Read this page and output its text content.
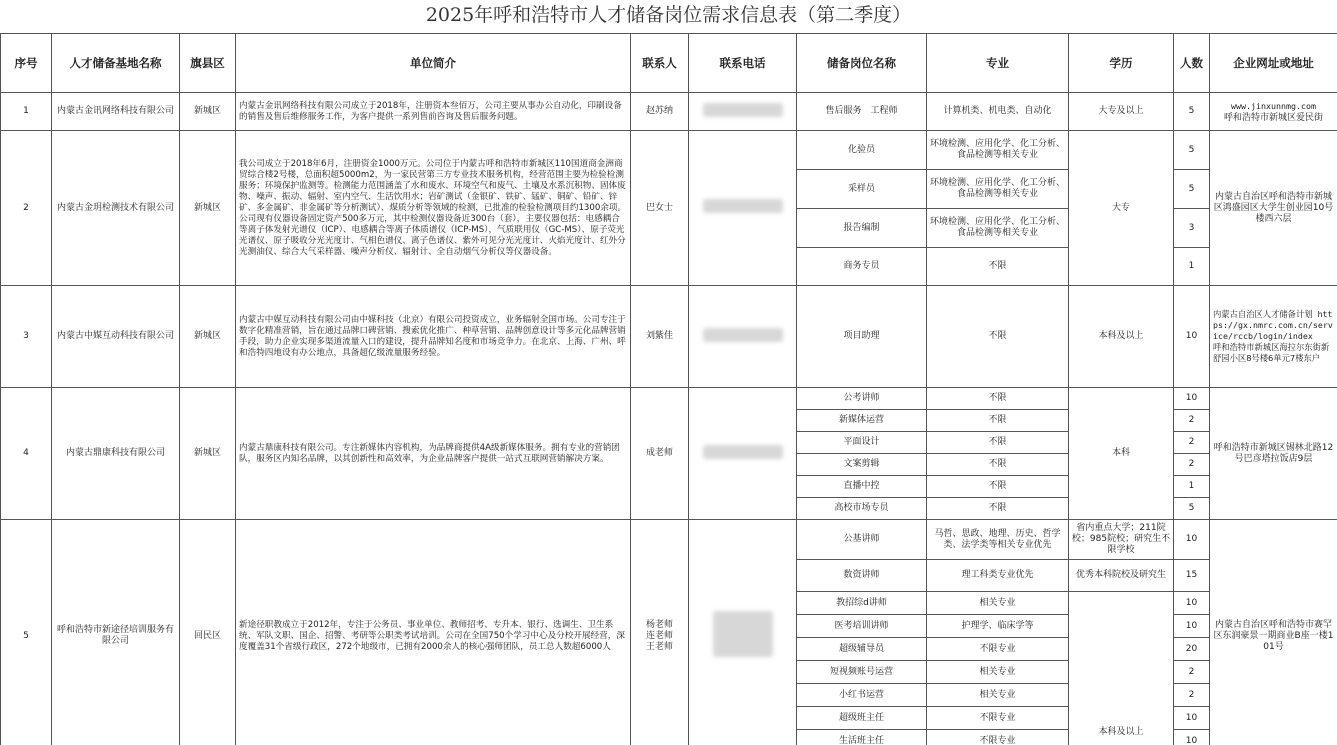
2025年呼和浩特市人才储备岗位需求信息表（第二季度）
序号	人才储备基地名称	旗县区	单位简介	联系人	联系电话	储备岗位名称	专业	学历	人数	企业网址或地址
1	内蒙古金讯网络科技有限公司	新城区	内蒙古金讯网络科技有限公司成立于2018年，注册资本叁佰万，公司主要从事办公自动化，印刷设备的销售及售后维修服务工作，为客户提供一系列售前咨询及售后服务问题。	赵苏纳		售后服务　工程师	计算机类、机电类、自动化	大专及以上	5	www.jinxunnmg.com
呼和浩特市新城区爱民街

2	内蒙古金玥检测技术有限公司	新城区	我公司成立于2018年6月，注册资金1000万元。公司位于内蒙古呼和浩特市新城区110国道商金洲商贸综合楼2号楼，总面积超5000m2，为一家民营第三方专业技术服务机构，经营范围主要为检验检测服务；环境保护监测等。检测能力范围涵盖了水和废水、环境空气和废气、土壤及水系沉积物、固体废物、噪声、振动、辐射、室内空气、生活饮用水；岩矿测试（金银矿、铁矿、锰矿、铜矿、铅矿、锌矿、多金属矿、非金属矿等分析测试）、煤质分析等领域的检测，已批准的检验检测项目约1300余项。公司现有仪器设备固定资产500多万元，其中检测仪器设备近300台（套），主要仪器包括：电感耦合等离子体发射光谱仪（ICP）、电感耦合等离子体质谱仪（ICP-MS），气质联用仪（GC-MS）、原子荧光光谱仪、原子吸收分光光度计、气相色谱仪、离子色谱仪、紫外可见分光光度计、火焰光度计、红外分光测油仪、综合大气采样器、噪声分析仪、辐射计、全自动烟气分析仪等仪器设备。	巴女士		化验员	环境检测、应用化学、化工分析、食品检测等相关专业	大专	5	内蒙古自治区呼和浩特市新城区鸿盛园区大学生创业园10号楼西六层
						采样员	环境检测、应用化学、化工分析、食品检测等相关专业		5	
						报告编制	环境检测、应用化学、化工分析、食品检测等相关专业		3	
						商务专员	不限		1	
3	内蒙古中媒互动科技有限公司	新城区	内蒙古中媒互动科技有限公司由中媒科技（北京）有限公司投资成立，业务辐射全国市场。公司专注于数字化精准营销，旨在通过品牌口碑营销、搜索优化推广、种草营销、品牌创意设计等多元化品牌营销手段，助力企业实现多渠道流量入口的建设，提升品牌知名度和市场竞争力。在北京、上海、广州、呼和浩特四地设有办公地点，具备超亿级流量服务经验。	刘紫佳		项目助理	不限	本科及以上	10	内蒙古自治区人才储备计划 https://gx.nmrc.com.cn/service/rccb/login/index
呼和浩特市新城区海拉尔东街新舒园小区8号楼6单元7楼东户

4	内蒙古鼎康科技有限公司	新城区	内蒙古鼎康科技有限公司。专注新媒体内容机构，为品牌商提供4A级新媒体服务。拥有专业的营销团队，服务区内知名品牌，以其创新性和高效率，为企业品牌客户提供一站式互联网营销解决方案。	成老师		公考讲师	不限	本科	10	呼和浩特市新城区锡林北路12号巴彦塔拉饭店9层
						新媒体运营	不限		2	
						平面设计	不限		2	
						文案剪辑	不限		2	
						直播中控	不限		1	
						高校市场专员	不限		5	
5	呼和浩特市新途径培训服务有限公司	回民区	新途径职教成立于2012年，专注于公务员、事业单位、教师招考、专升本、银行、选调生、卫生系统、军队文职、国企、招警、考研等公职类考试培训。公司在全国750个学习中心及分校开展经营，深度覆盖31个省级行政区，272个地级市，已拥有2000余人的核心强师团队，员工总人数超6000人	杨老师
连老师
王老师		公基讲师	马哲、思政、地理、历史、哲学类、法学类等相关专业优先	省内重点大学；211院校；985院校；研究生不限学校	10	内蒙古自治区呼和浩特市赛罕区东润豪景一期商业B座一楼101号
						数资讲师	理工科类专业优先	优秀本科院校及研究生	15	
						教招综d讲师	相关专业	本科及以上	10	
						医考培训讲师	护理学、临床学等		10	
						超级辅导员	不限专业		20	
						短视频账号运营	相关专业		2	
						小红书运营	相关专业		2	
						超级班主任	不限专业		10	
						生活班主任	不限专业		10	
